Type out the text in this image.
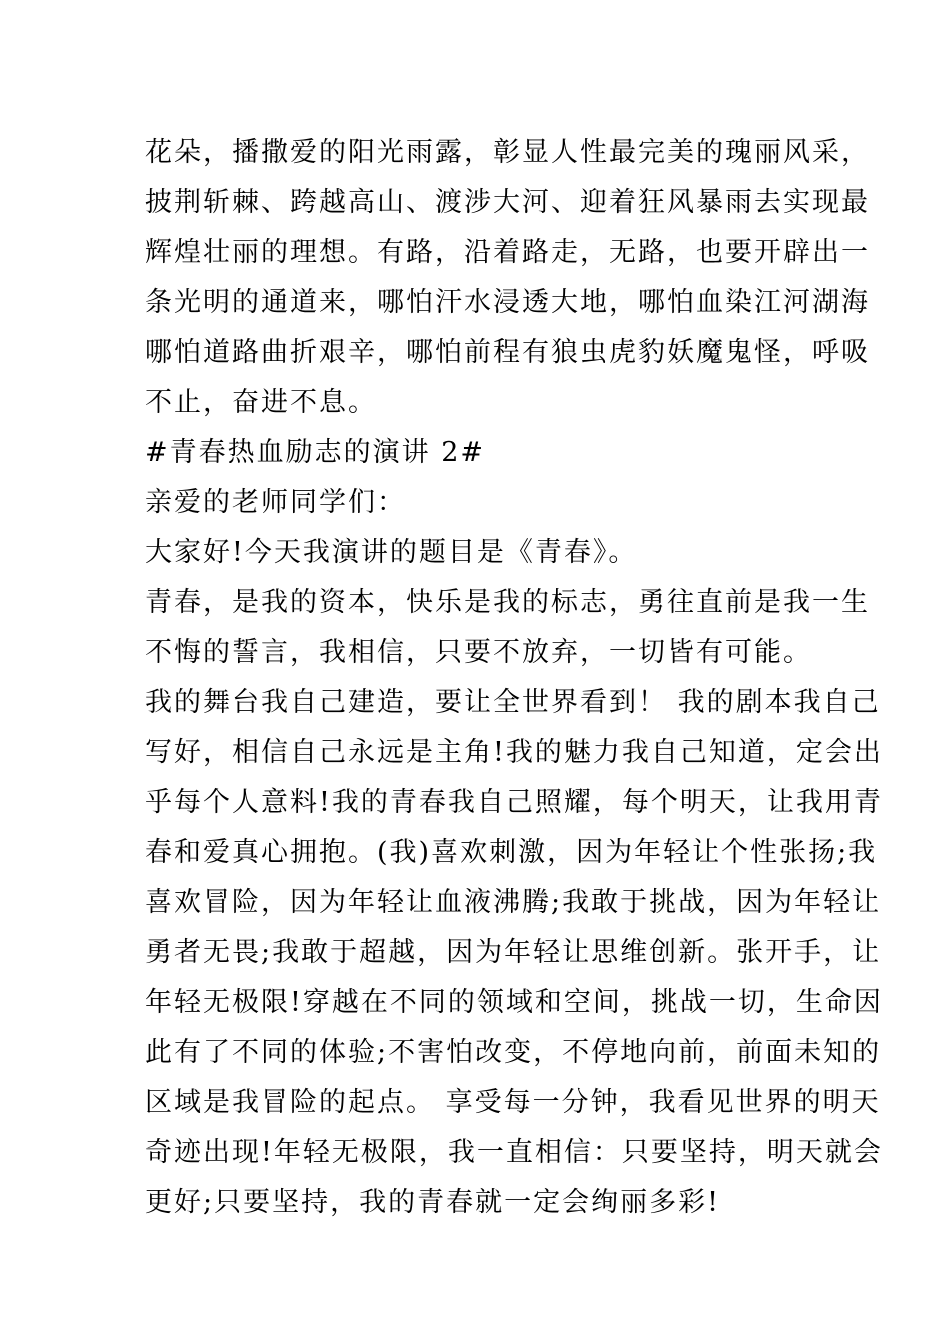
花朵，播撒爱的阳光雨露，彰显人性最完美的瑰丽风采，
披荆斩棘、跨越高山、渡涉大河、迎着狂风暴雨去实现最
辉煌壮丽的理想。有路，沿着路走，无路，也要开辟出一
条光明的通道来，哪怕汗水浸透大地，哪怕血染江河湖海
哪怕道路曲折艰辛，哪怕前程有狼虫虎豹妖魔鬼怪，呼吸
不止，奋进不息。
#青春热血励志的演讲 2#
亲爱的老师同学们：
大家好!今天我演讲的题目是《青春》。
青春，是我的资本，快乐是我的标志，勇往直前是我一生
不悔的誓言，我相信，只要不放弃，一切皆有可能。
我的舞台我自己建造，要让全世界看到！ 我的剧本我自己
写好，相信自己永远是主角!我的魅力我自己知道，定会出
乎每个人意料!我的青春我自己照耀，每个明天，让我用青
春和爱真心拥抱。(我)喜欢刺激，因为年轻让个性张扬;我
喜欢冒险，因为年轻让血液沸腾;我敢于挑战，因为年轻让
勇者无畏;我敢于超越，因为年轻让思维创新。张开手，让
年轻无极限!穿越在不同的领域和空间，挑战一切，生命因
此有了不同的体验;不害怕改变，不停地向前，前面未知的
区域是我冒险的起点。 享受每一分钟，我看见世界的明天
奇迹出现!年轻无极限，我一直相信：只要坚持，明天就会
更好;只要坚持，我的青春就一定会绚丽多彩!
